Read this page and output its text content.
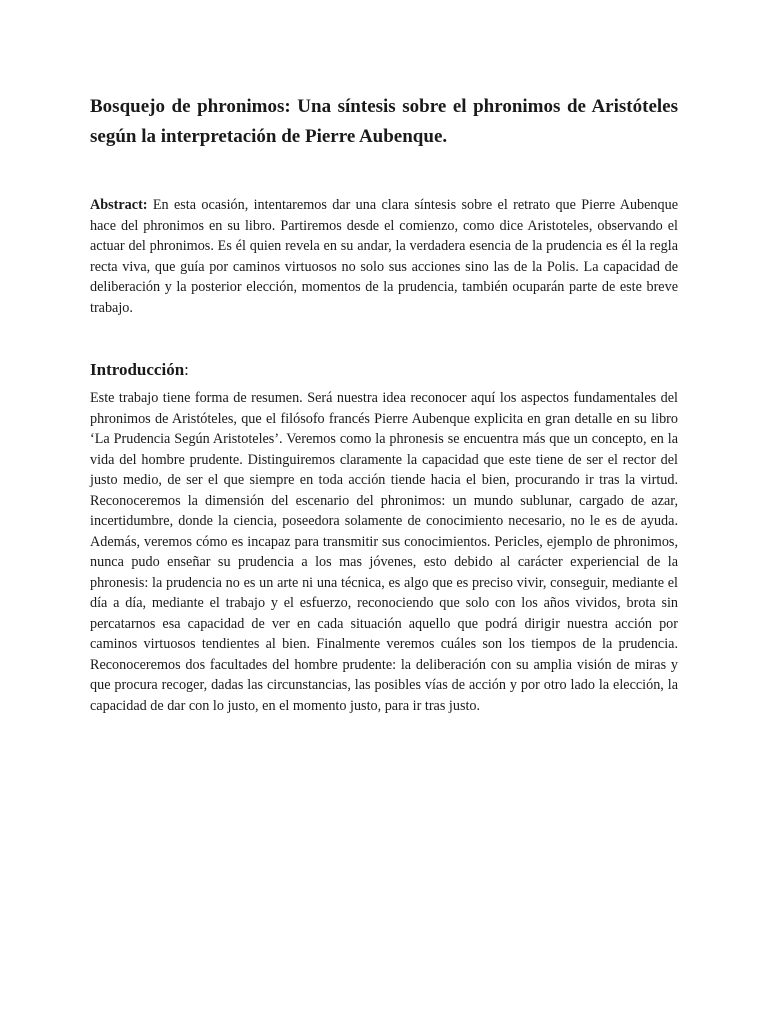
Bosquejo de phronimos: Una síntesis sobre el phronimos de Aristóteles según la interpretación de Pierre Aubenque.

Abstract: En esta ocasión, intentaremos dar una clara síntesis sobre el retrato que Pierre Aubenque hace del phronimos en su libro. Partiremos desde el comienzo, como dice Aristoteles, observando el actuar del phronimos. Es él quien revela en su andar, la verdadera esencia de la prudencia es él la regla recta viva, que guía por caminos virtuosos no solo sus acciones sino las de la Polis. La capacidad de deliberación y la posterior elección, momentos de la prudencia, también ocuparán parte de este breve trabajo.

Introducción:

Este trabajo tiene forma de resumen. Será nuestra idea reconocer aquí los aspectos fundamentales del phronimos de Aristóteles, que el filósofo francés Pierre Aubenque explicita en gran detalle en su libro ‘La Prudencia Según Aristoteles’. Veremos como la phronesis se encuentra más que un concepto, en la vida del hombre prudente. Distinguiremos claramente la capacidad que este tiene de ser el rector del justo medio, de ser el que siempre en toda acción tiende hacia el bien, procurando ir tras la virtud. Reconoceremos la dimensión del escenario del phronimos: un mundo sublunar, cargado de azar, incertidumbre, donde la ciencia, poseedora solamente de conocimiento necesario, no le es de ayuda. Además, veremos cómo es incapaz para transmitir sus conocimientos. Pericles, ejemplo de phronimos, nunca pudo enseñar su prudencia a los mas jóvenes, esto debido al carácter experiencial de la phronesis: la prudencia no es un arte ni una técnica, es algo que es preciso vivir, conseguir, mediante el día a día, mediante el trabajo y el esfuerzo, reconociendo que solo con los años vividos, brota sin percatarnos esa capacidad de ver en cada situación aquello que podrá dirigir nuestra acción por caminos virtuosos tendientes al bien. Finalmente veremos cuáles son los tiempos de la prudencia. Reconoceremos dos facultades del hombre prudente: la deliberación con su amplia visión de miras y que procura recoger, dadas las circunstancias, las posibles vías de acción y por otro lado la elección, la capacidad de dar con lo justo, en el momento justo, para ir tras justo.
